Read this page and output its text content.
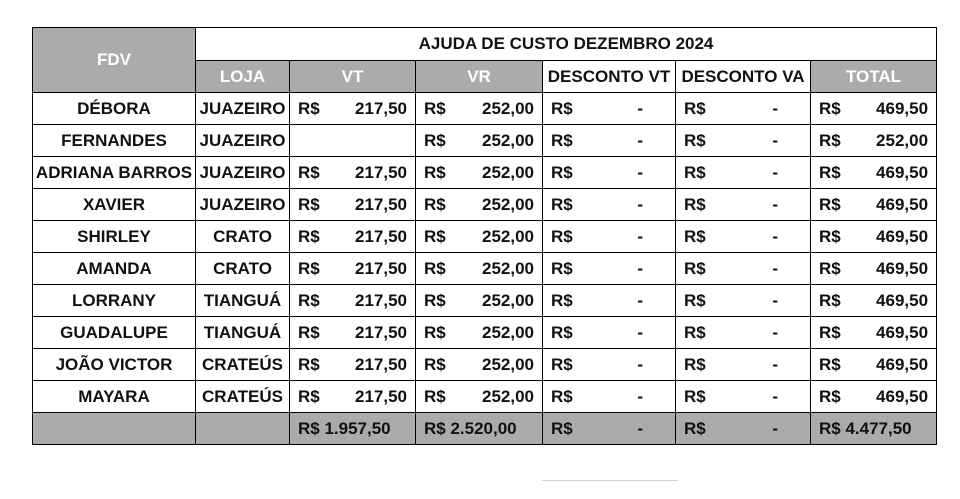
FDV	AJUDA DE CUSTO DEZEMBRO 2024					
	LOJA	VT	VR	DESCONTO VT	DESCONTO VA	TOTAL
DÉBORA	JUAZEIRO	R$ 217,50	R$ 252,00	R$ -	R$ -	R$ 469,50

FERNANDES	JUAZEIRO		R$ 252,00	R$ -	R$ -	R$ 252,00

ADRIANA BARROS	JUAZEIRO	R$ 217,50	R$ 252,00	R$ -	R$ -	R$ 469,50

XAVIER	JUAZEIRO	R$ 217,50	R$ 252,00	R$ -	R$ -	R$ 469,50

SHIRLEY	CRATO	R$ 217,50	R$ 252,00	R$ -	R$ -	R$ 469,50

AMANDA	CRATO	R$ 217,50	R$ 252,00	R$ -	R$ -	R$ 469,50

LORRANY	TIANGUÁ	R$ 217,50	R$ 252,00	R$ -	R$ -	R$ 469,50

GUADALUPE	TIANGUÁ	R$ 217,50	R$ 252,00	R$ -	R$ -	R$ 469,50

JOÃO VICTOR	CRATEÚS	R$ 217,50	R$ 252,00	R$ -	R$ -	R$ 469,50

MAYARA	CRATEÚS	R$ 217,50	R$ 252,00	R$ -	R$ -	R$ 469,50

		R$ 1.957,50	R$ 2.520,00	R$ -	R$ -	R$ 4.477,50
